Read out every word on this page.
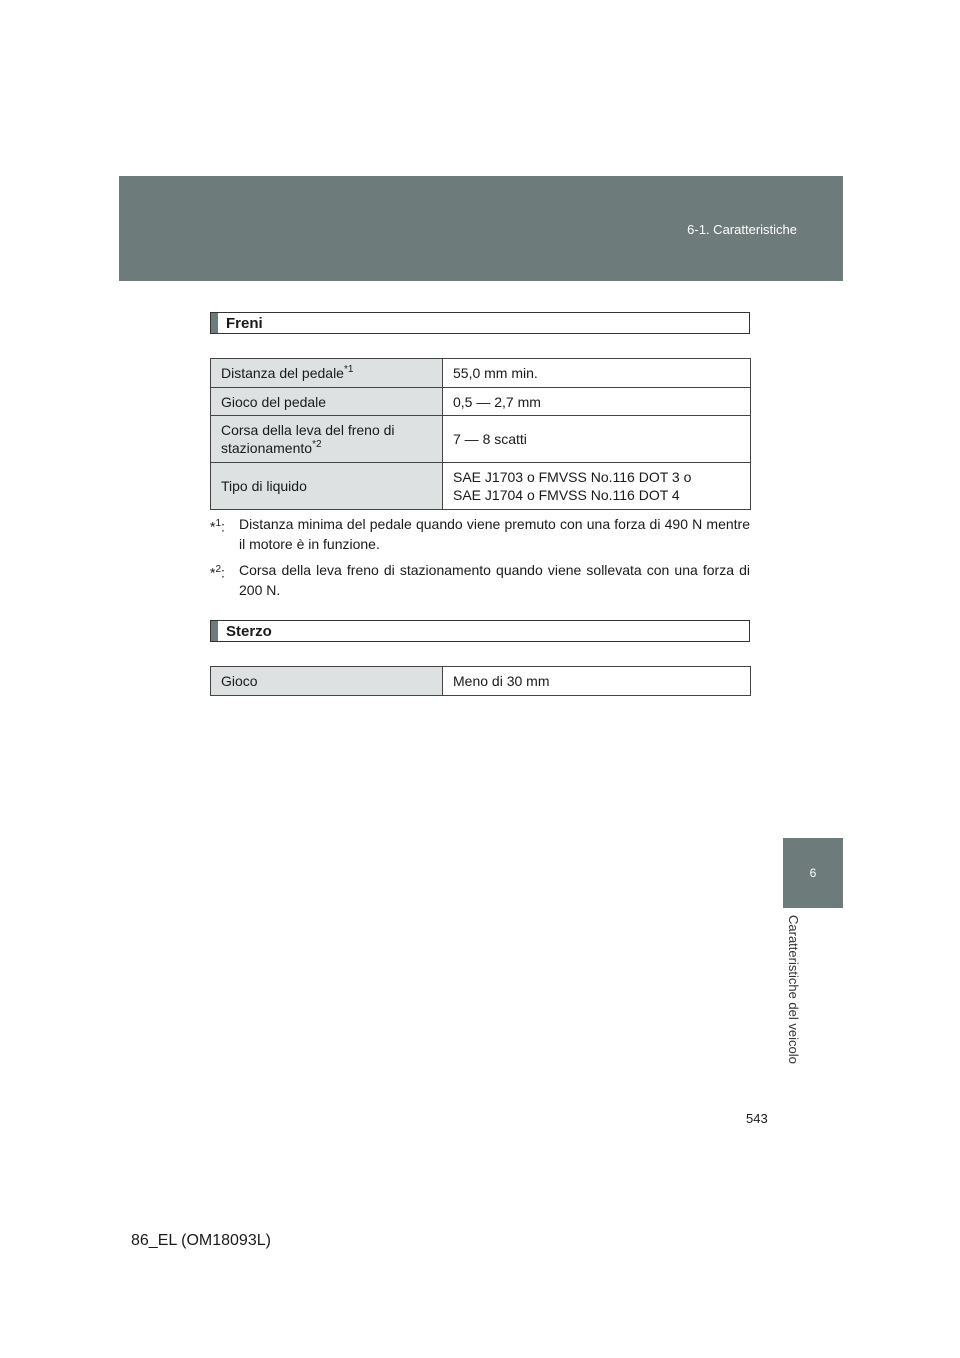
6-1. Caratteristiche
Freni
Distanza del pedale$^{*1}$	55,0 mm min.
Gioco del pedale	0,5 — 2,7 mm
Corsa della leva del freno di
stazionamento$^{*2}$	7 — 8 scatti
Tipo di liquido	SAE J1703 o FMVSS No.116 DOT 3 o
SAE J1704 o FMVSS No.116 DOT 4
*$^1$:	Distanza minima del pedale quando viene premuto con una forza di 490 N mentre il motore è in funzione.
*$^2$:	Corsa della leva freno di stazionamento quando viene sollevata con una forza di 200 N.
Sterzo
Gioco	Meno di 30 mm
6
Caratteristiche del veicolo
543
86_EL (OM18093L)
